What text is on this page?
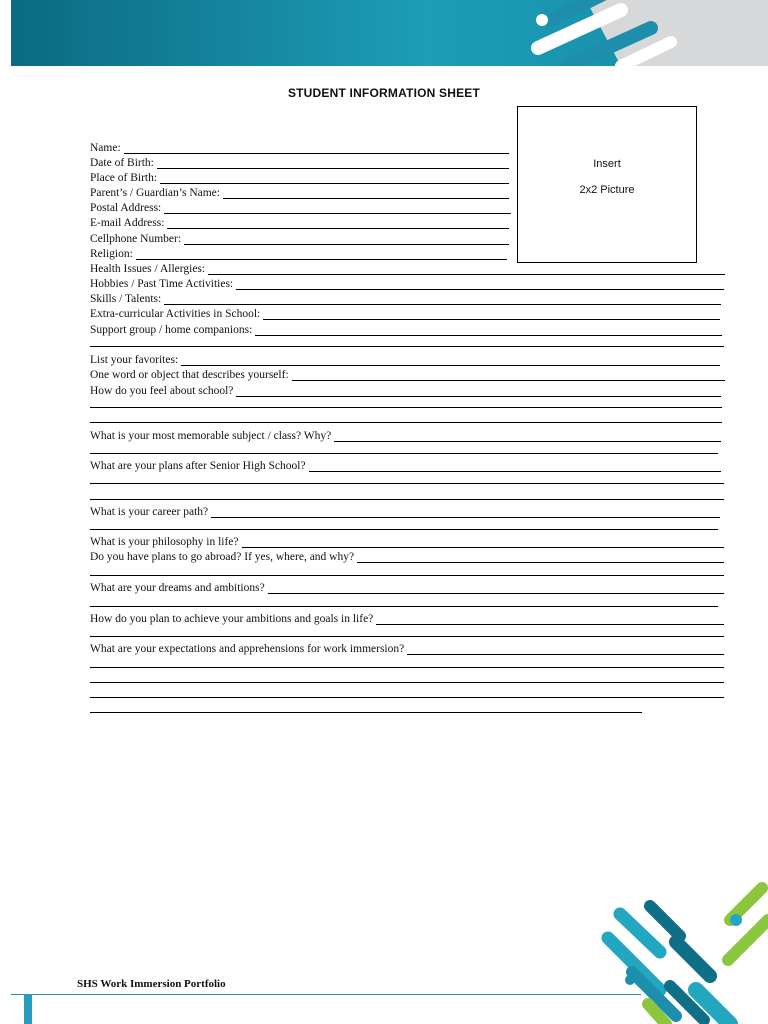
STUDENT INFORMATION SHEET
Insert
2x2 Picture
Name:
Date of Birth:
Place of Birth:
Parent’s / Guardian’s Name:
Postal Address:
E-mail Address:
Cellphone Number:
Religion:
Health Issues / Allergies:
Hobbies / Past Time Activities:
Skills / Talents:
Extra-curricular Activities in School:
Support group / home companions:
List your favorites:
One word or object that describes yourself:
How do you feel about school?
What is your most memorable subject / class? Why?
What are your plans after Senior High School?
What is your career path?
What is your philosophy in life?
Do you have plans to go abroad? If yes, where, and why?
What are your dreams and ambitions?
How do you plan to achieve your ambitions and goals in life?
What are your expectations and apprehensions for work immersion?
SHS Work Immersion Portfolio
